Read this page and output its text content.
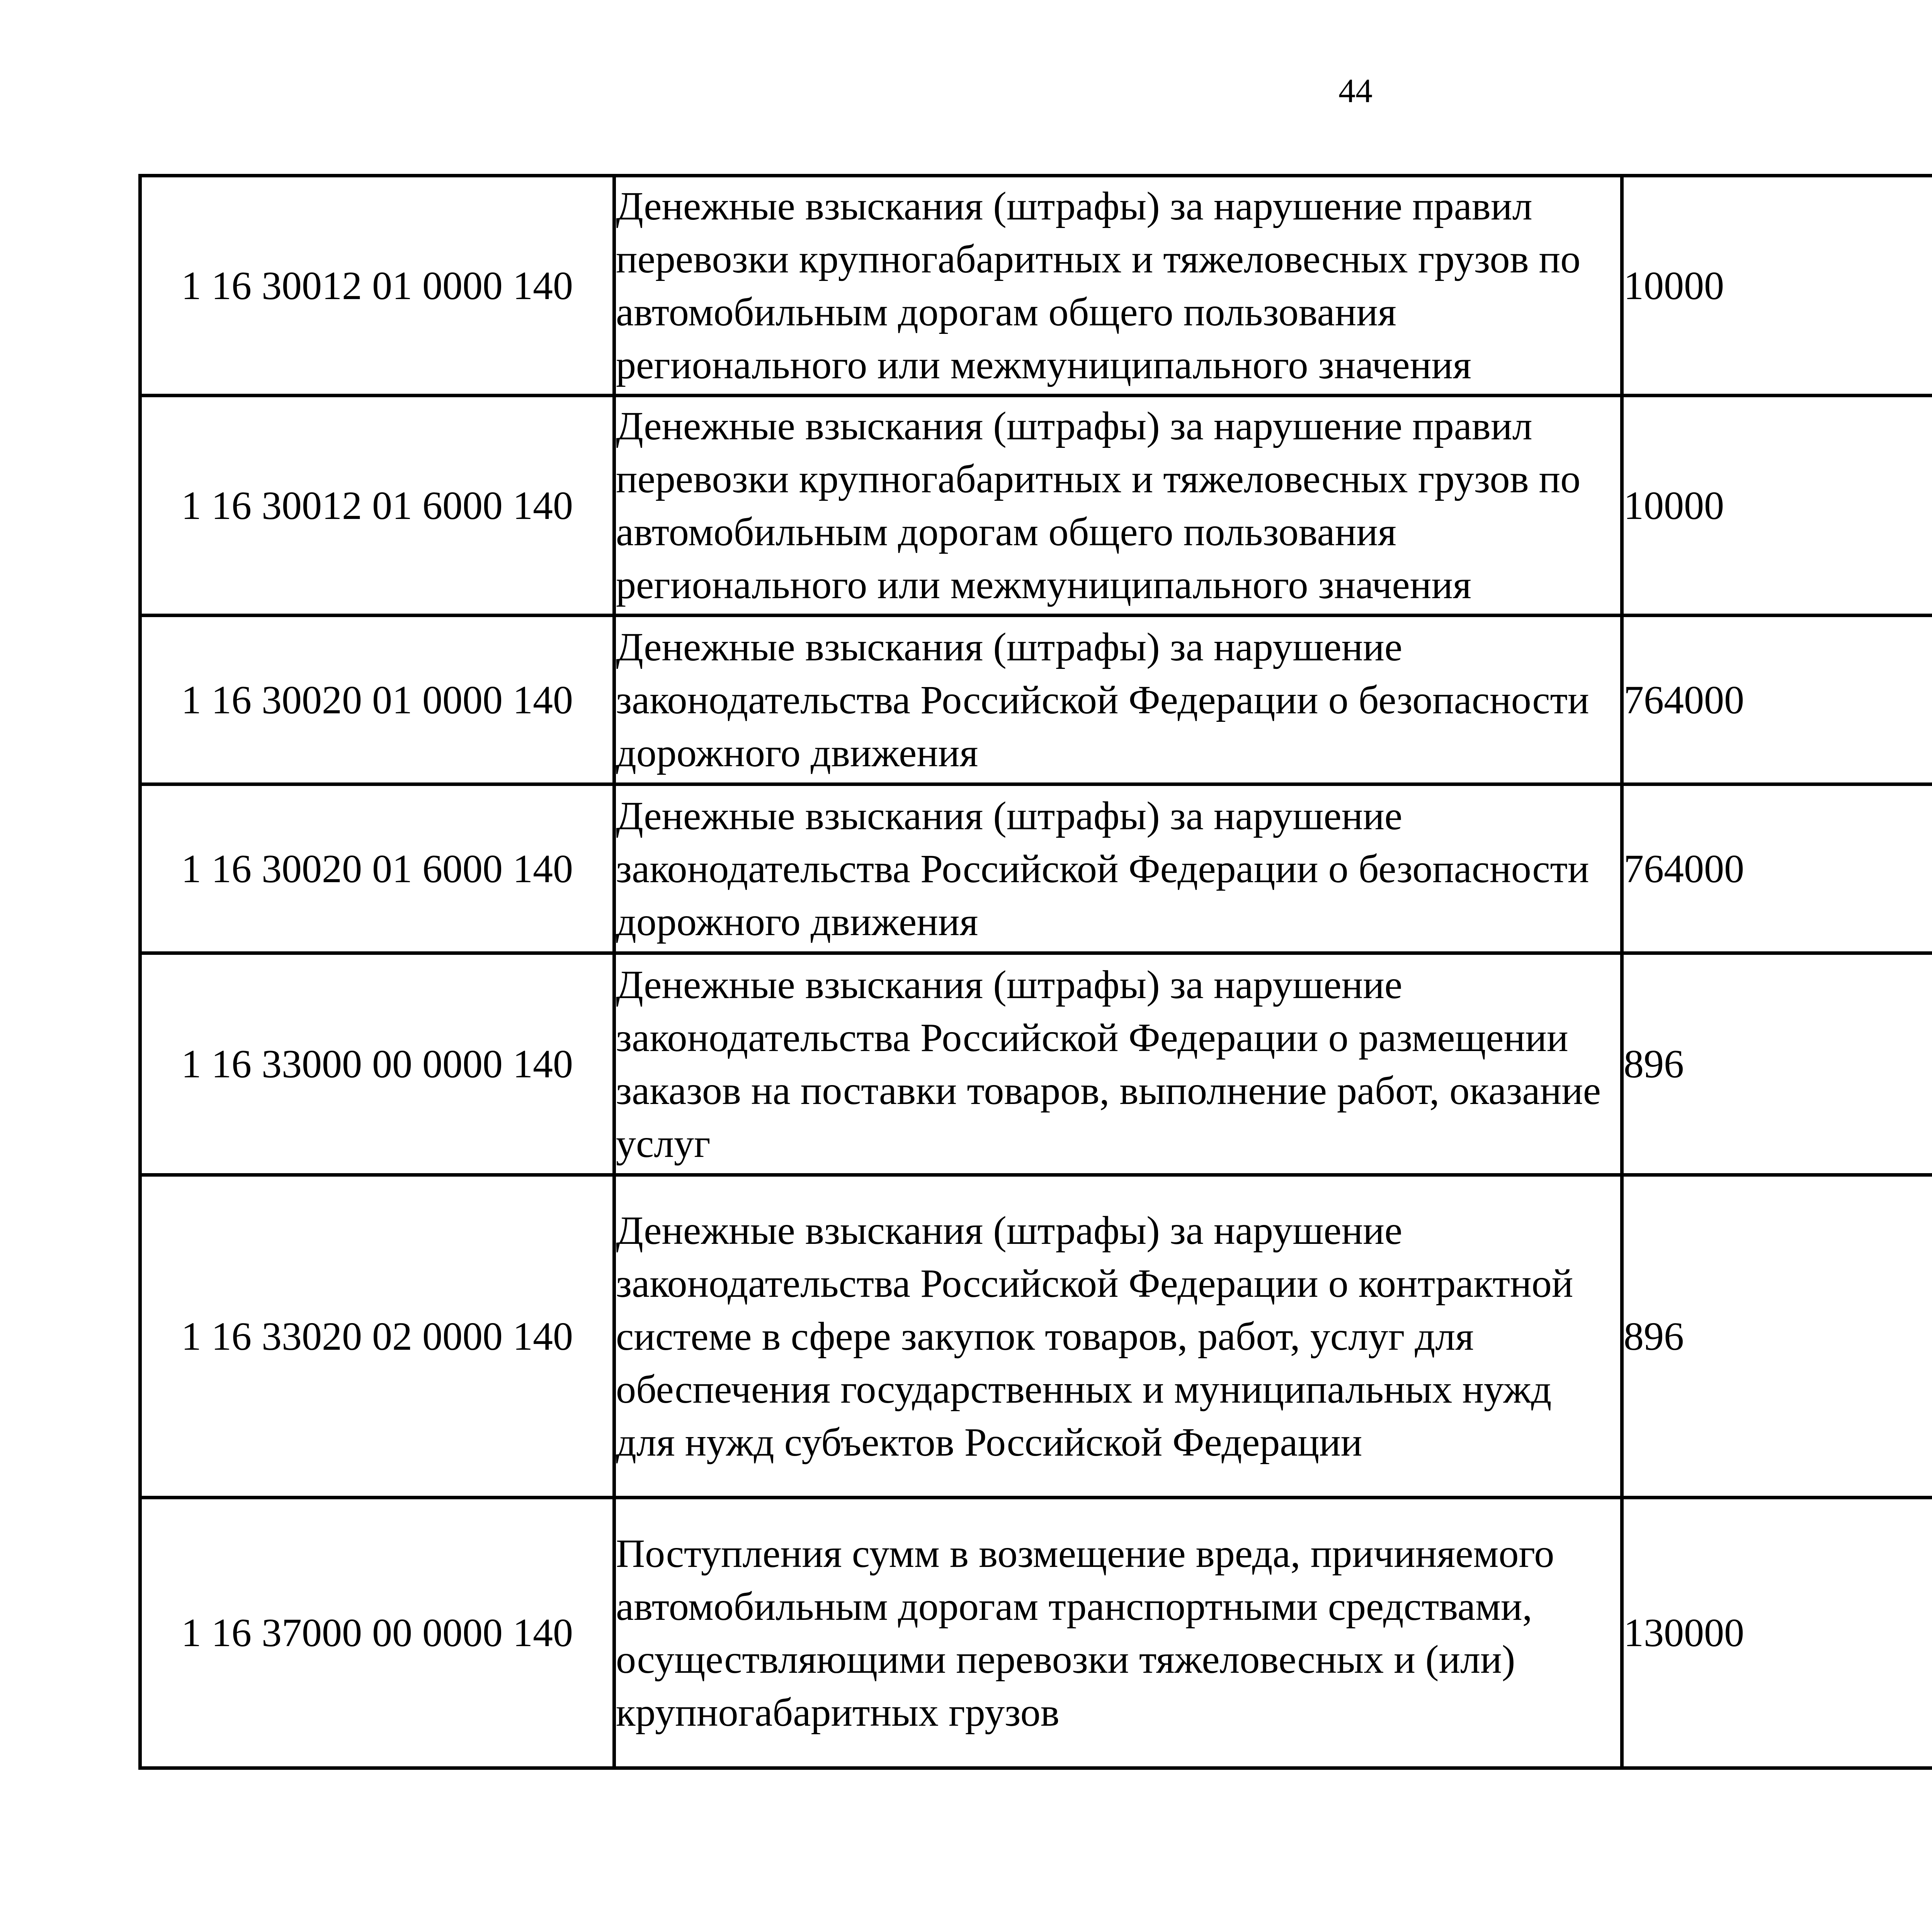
44
1 16 30012 01 0000 140	Денежные взыскания (штрафы) за нарушение правил перевозки крупногабаритных и тяжеловесных грузов по автомобильным дорогам общего пользования регионального или межмуниципального значения	10000		
1 16 30012 01 6000 140	Денежные взыскания (штрафы) за нарушение правил перевозки крупногабаритных и тяжеловесных грузов по автомобильным дорогам общего пользования регионального или межмуниципального значения	10000		
1 16 30020 01 0000 140	Денежные взыскания (штрафы) за нарушение законодательства Российской Федерации о безопасности дорожного движения	764000		
1 16 30020 01 6000 140	Денежные взыскания (штрафы) за нарушение законодательства Российской Федерации о безопасности дорожного движения	764000		
1 16 33000 00 0000 140	Денежные взыскания (штрафы) за нарушение законодательства Российской Федерации о размещении заказов на поставки товаров, выполнение работ, оказание услуг	896		
1 16 33020 02 0000 140	Денежные взыскания (штрафы) за нарушение законодательства Российской Федерации о контрактной системе в сфере закупок товаров, работ, услуг для обеспечения государственных и муниципальных нужд для нужд субъектов Российской Федерации	896		
1 16 37000 00 0000 140	Поступления сумм в возмещение вреда, причиняемого автомобильным дорогам транспортными средствами, осуществляющими перевозки тяжеловесных и (или) крупногабаритных грузов	130000		
